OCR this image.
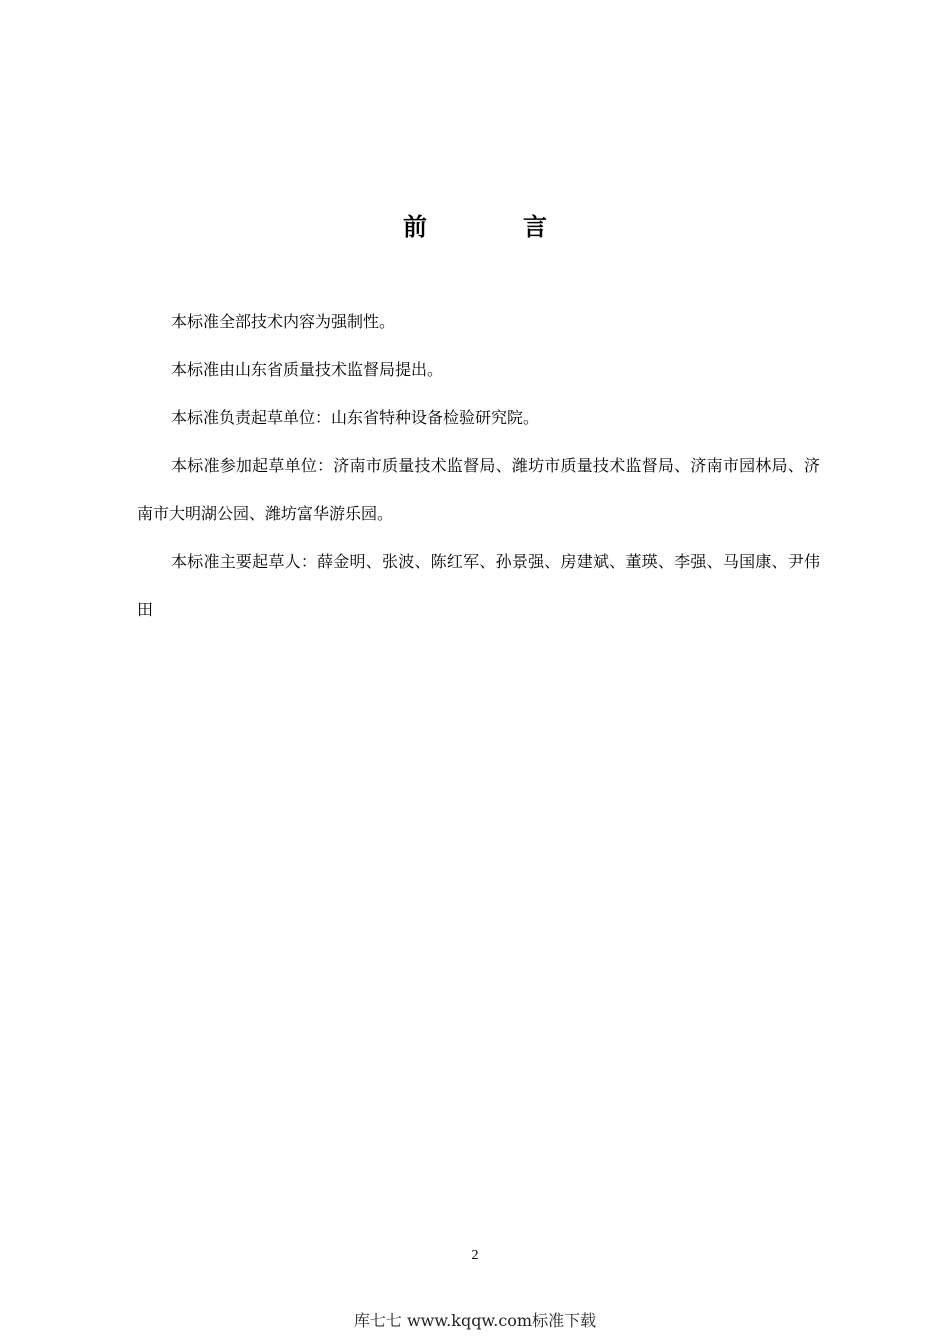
前　言

本标准全部技术内容为强制性。

本标准由山东省质量技术监督局提出。

本标准负责起草单位：山东省特种设备检验研究院。

本标准参加起草单位：济南市质量技术监督局、潍坊市质量技术监督局、济南市园林局、济南市大明湖公园、潍坊富华游乐园。

本标准主要起草人：薛金明、张波、陈红军、孙景强、房建斌、董瑛、李强、马国康、尹伟田

2
库七七 www.kqqw.com标准下载
